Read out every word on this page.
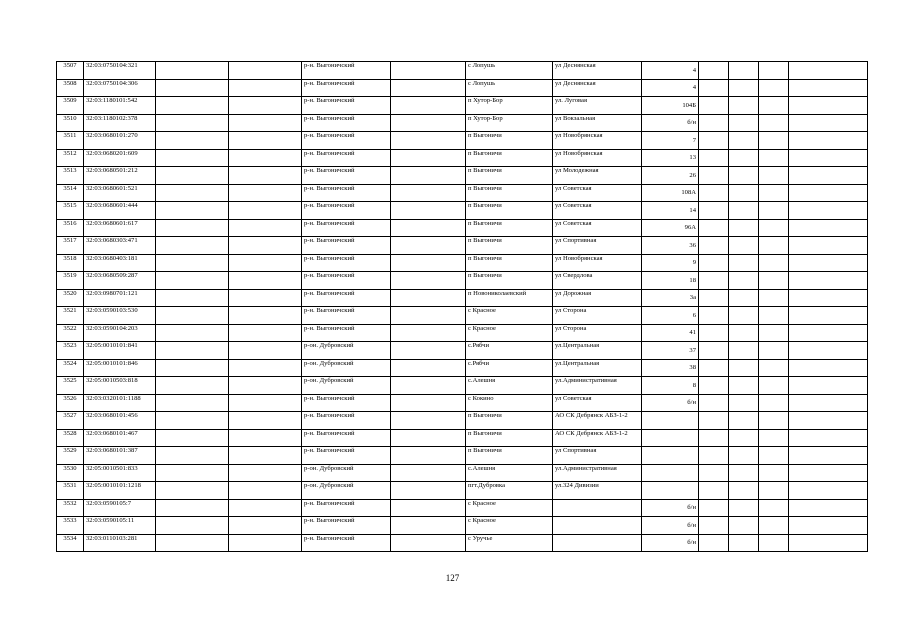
3507	32:03:0750104:321			р-н. Выгоничский		с Лопушь	ул Деснянская	4				
3508	32:03:0750104:306			р-н. Выгоничский		с Лопушь	ул Деснянская	4				
3509	32:03:1180101:542			р-н. Выгоничский		п Хутор-Бор	ул. Луговая	104Б				
3510	32:03:1180102:378			р-н. Выгоничский		п Хутор-Бор	ул Вокзальная	б/н				
3511	32:03:0680101:270			р-н. Выгоничский		п Выгоничи	ул Новобрянская	7				
3512	32:03:0680201:609			р-н. Выгоничский		п Выгоничи	ул Новобрянская	13				
3513	32:03:0680501:212			р-н. Выгоничский		п Выгоничи	ул Молодежная	26				
3514	32:03:0680601:521			р-н. Выгоничский		п Выгоничи	ул Советская	108А				
3515	32:03:0680601:444			р-н. Выгоничский		п Выгоничи	ул Советская	14				
3516	32:03:0680601:617			р-н. Выгоничский		п Выгоничи	ул Советская	96А				
3517	32:03:0680303:471			р-н. Выгоничский		п Выгоничи	ул Спортивная	36				
3518	32:03:0680403:181			р-н. Выгоничский		п Выгоничи	ул Новобрянская	9				
3519	32:03:0680509:287			р-н. Выгоничский		п Выгоничи	ул Свердлова	18				
3520	32:03:0980701:121			р-н. Выгоничский		п Новониколаевский	ул Дорожная	3а				
3521	32:03:0590103:530			р-н. Выгоничский		с Красное	ул Сторона	6				
3522	32:03:0590104:203			р-н. Выгоничский		с Красное	ул Сторона	41				
3523	32:05:0010101:841			р-он. Дубровский		с.Рябчи	ул.Центральная	37				
3524	32:05:0010101:846			р-он. Дубровский		с.Рябчи	ул.Центральная	38				
3525	32:05:0010503:818			р-он. Дубровский		с.Алешня	ул.Административная	8				
3526	32:03:0320101:1188			р-н. Выгоничский		с Кокино	ул Советская	б/н				
3527	32:03:0680101:456			р-н. Выгоничский		п Выгоничи	АО СК Дебрянск АБЗ-1-2					
3528	32:03:0680101:467			р-н. Выгоничский		п Выгоничи	АО СК Дебрянск АБЗ-1-2					
3529	32:03:0680101:387			р-н. Выгоничский		п Выгоничи	ул Спортивная					
3530	32:05:0010501:833			р-он. Дубровский		с.Алешня	ул.Административная					
3531	32:05:0010101:1218			р-он. Дубровский		пгт.Дубровка	ул.324 Дивизии					
3532	32:03:0590105:7			р-н. Выгоничский		с Красное		б/н				
3533	32:03:0590105:11			р-н. Выгоничский		с Красное		б/н				
3534	32:03:0110103:281			р-н. Выгоничский		с Уручье		б/н				
127
